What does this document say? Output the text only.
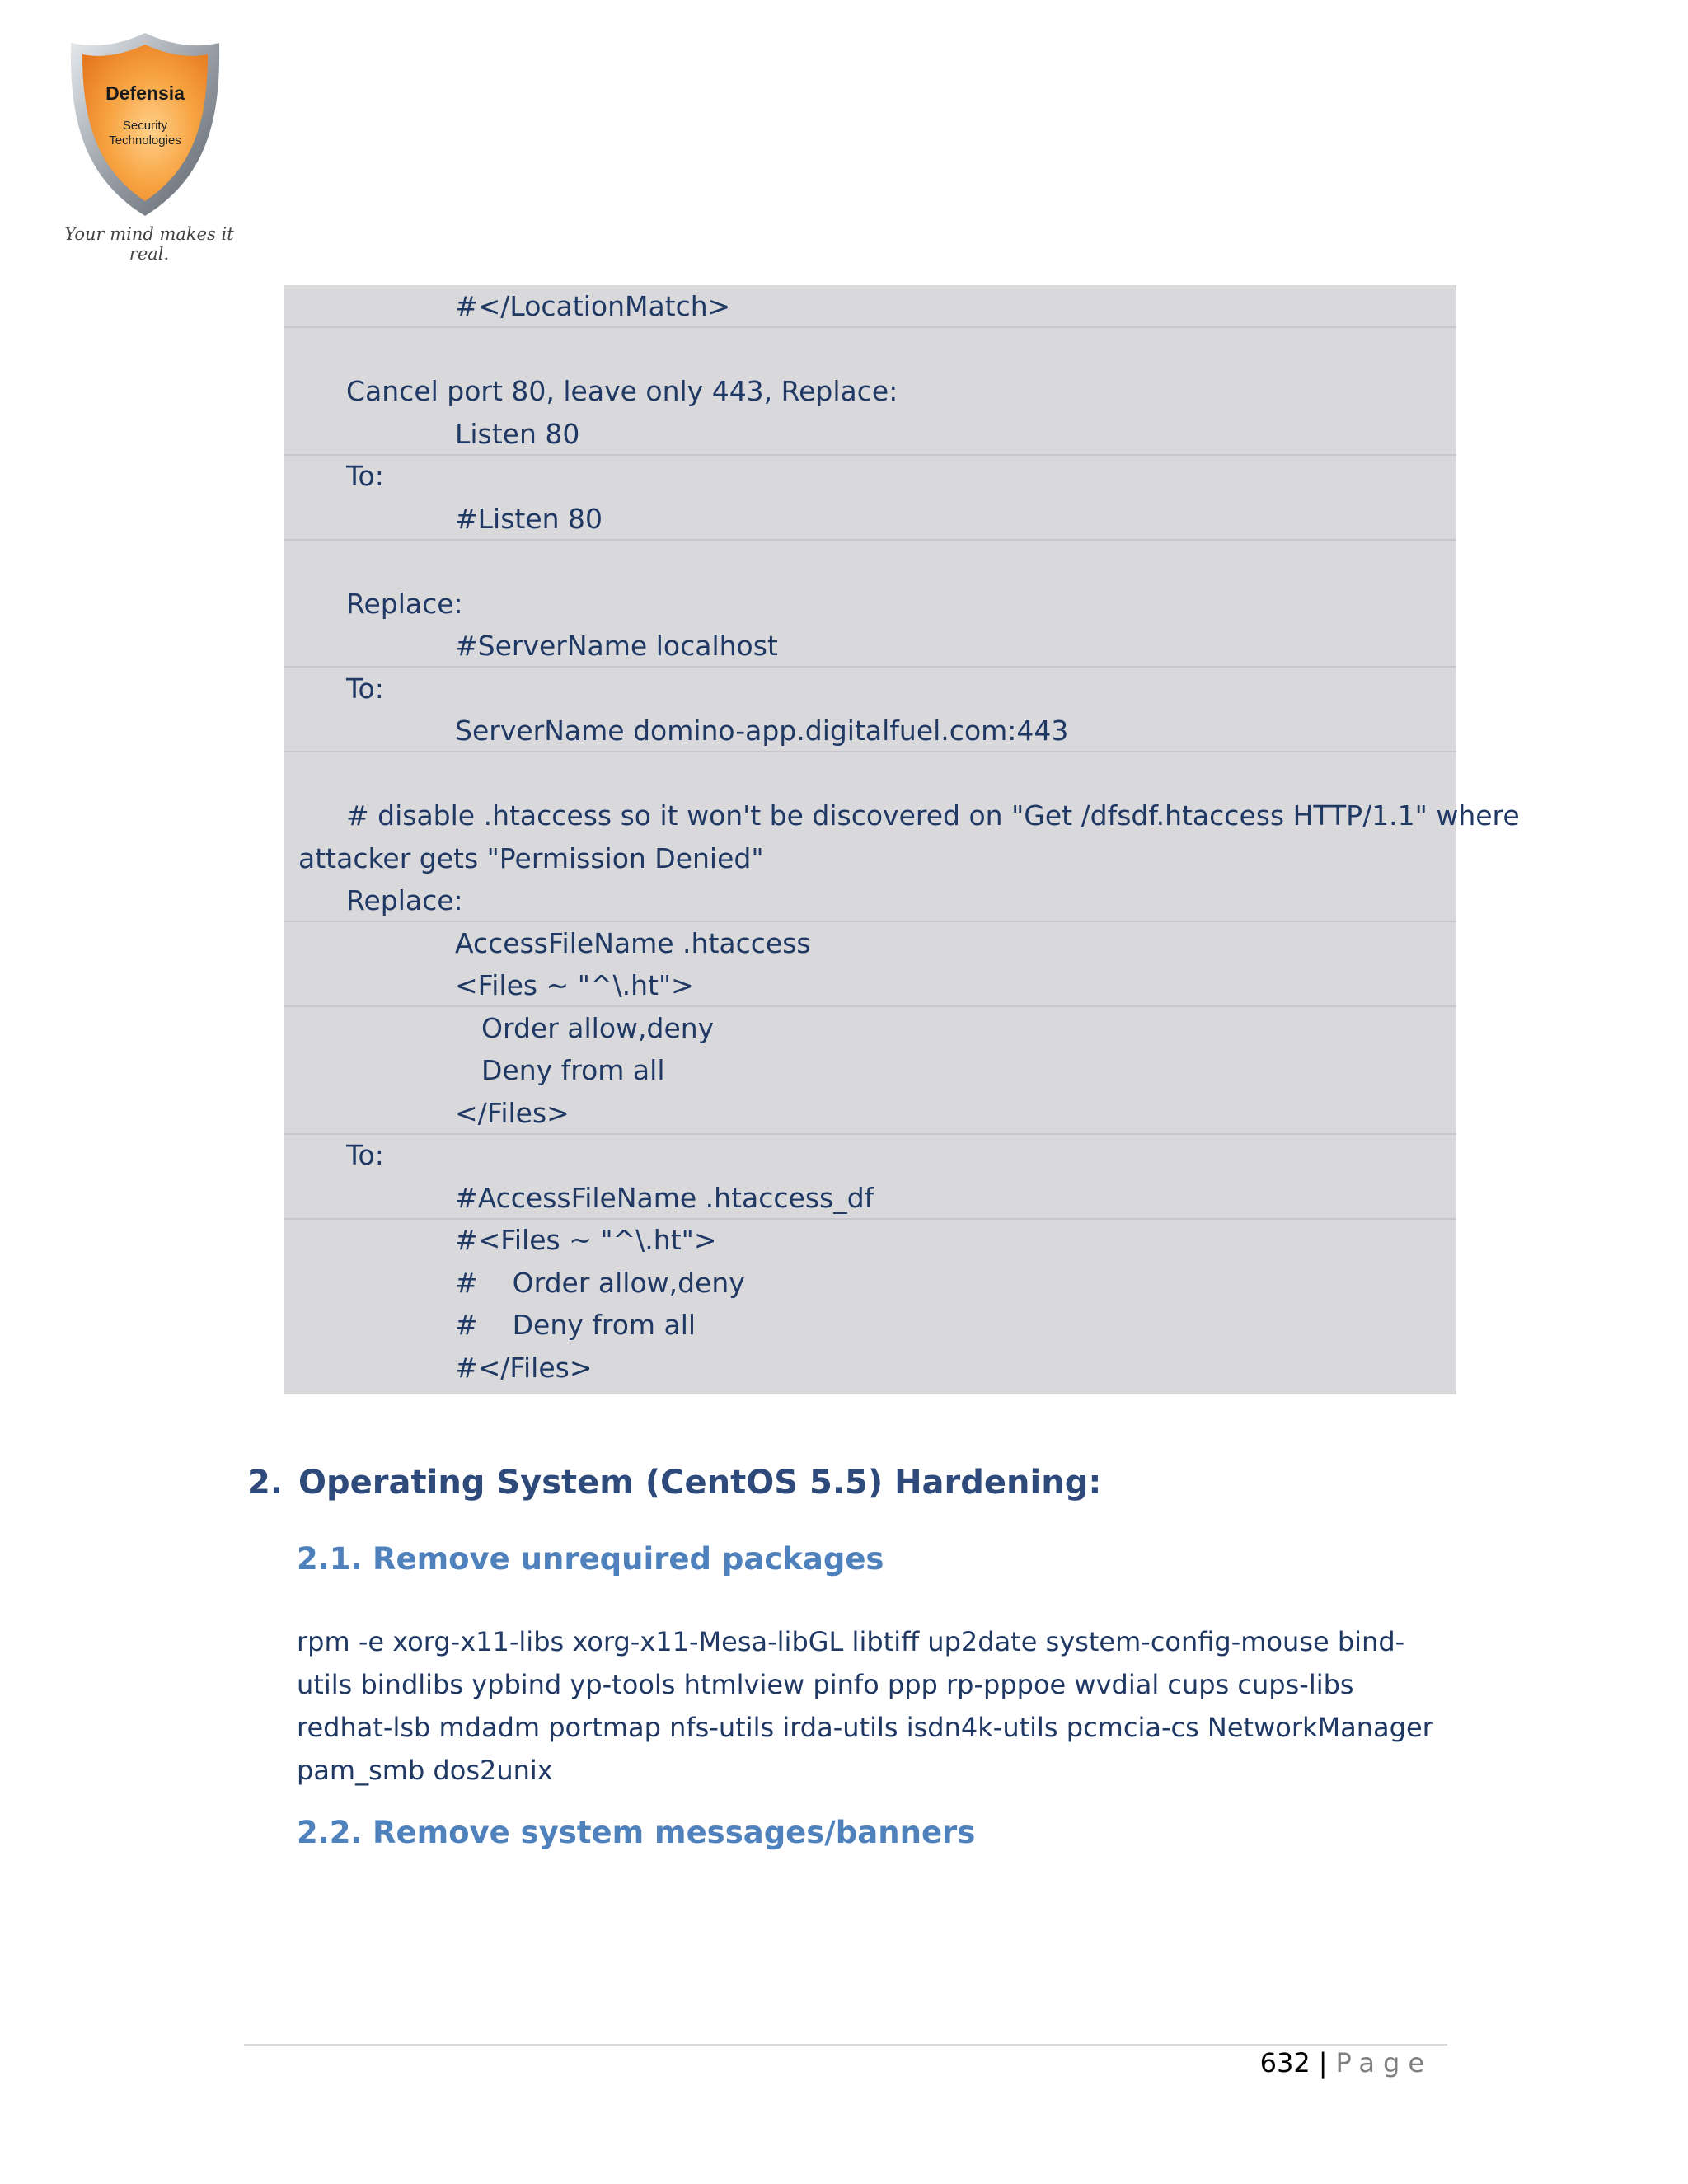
Defensia
Security
Technologies
Your mind makes it real.
#</LocationMatch>
Cancel port 80, leave only 443, Replace:
Listen 80
To:
#Listen 80
Replace:
#ServerName localhost
To:
ServerName domino-app.digitalfuel.com:443
# disable .htaccess so it won't be discovered on "Get /dfsdf.htaccess HTTP/1.1" where
attacker gets "Permission Denied"
Replace:
AccessFileName .htaccess
<Files ~ "^\.ht">
Order allow,deny
Deny from all
</Files>
To:
#AccessFileName .htaccess_df
#<Files ~ "^\.ht">
#    Order allow,deny
#    Deny from all
#</Files>
2. Operating System (CentOS 5.5) Hardening:
2.1. Remove unrequired packages
rpm -e xorg-x11-libs xorg-x11-Mesa-libGL libtiff up2date system-config-mouse bind-utils bindlibs ypbind yp-tools htmlview pinfo ppp rp-pppoe wvdial cups cups-libs redhat-lsb mdadm portmap nfs-utils irda-utils isdn4k-utils pcmcia-cs NetworkManager pam_smb dos2unix
2.2. Remove system messages/banners
632 | Page
